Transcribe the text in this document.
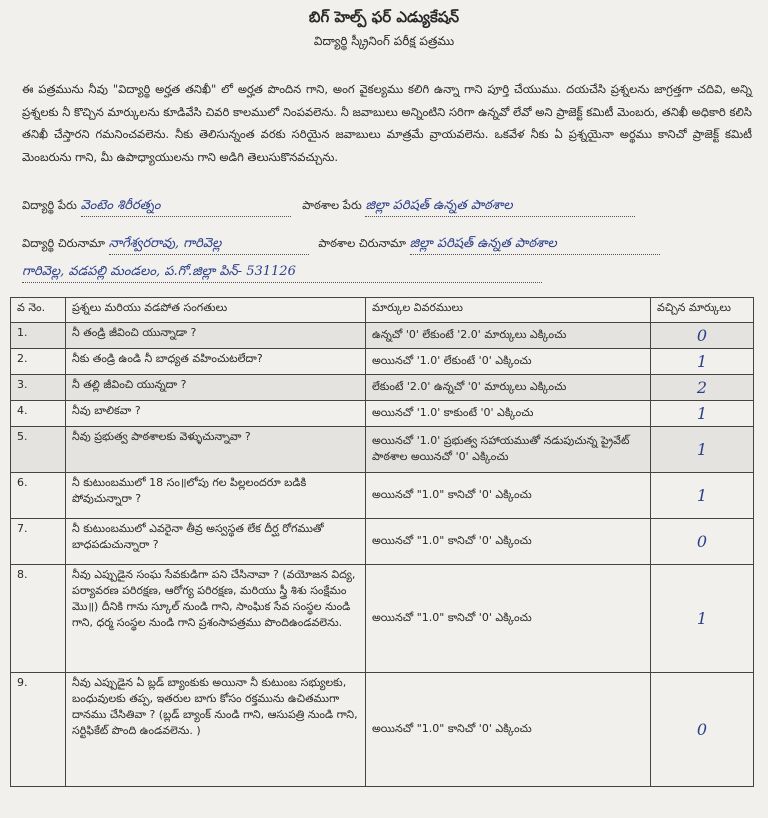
బిగ్ హెల్ప్ ఫర్ ఎడ్యుకేషన్
విద్యార్థి స్క్రీనింగ్ పరీక్ష పత్రము
ఈ పత్రమును నీవు "విద్యార్థి అర్హత తనిఖీ" లో అర్హత పొందిన గాని, అంగ వైకల్యము కలిగి ఉన్నా గాని పూర్తి చేయుము. దయచేసి ప్రశ్నలను జాగ్రత్తగా చదివి, అన్ని ప్రశ్నలకు నీ కొచ్చిన మార్కులను కూడివేసి చివరి కాలములో నింపవలెను. నీ జవాబులు అన్నింటిని సరిగా ఉన్నవో లేవో అని ప్రాజెక్ట్ కమిటీ మెంబరు, తనిఖీ అధికారి కలిసి తనిఖీ చేస్తారని గమనించవలెను. నీకు తెలిసున్నంత వరకు సరియైన జవాబులు మాత్రమే వ్రాయవలెను. ఒకవేళ నీకు ఏ ప్రశ్నయైనా అర్థము కానిచో ప్రాజెక్ట్ కమిటీ మెంబరును గాని, మీ ఉపాధ్యాయులను గాని అడిగి తెలుసుకొనవచ్చును.
విద్యార్థి పేరు వెంటెం శిరీరత్నం	పాఠశాల పేరు జిల్లా పరిషత్ ఉన్నత పాఠశాల
విద్యార్థి చిరునామా నాగేశ్వరరావు, గారివెల్ల	పాఠశాల చిరునామా జిల్లా పరిషత్ ఉన్నత పాఠశాల
గారివెల్ల, వడపల్లి మండలం, ప.గో.జిల్లా పిన్- 531126
వ నెం.	ప్రశ్నలు మరియు వడపోత సంగతులు	మార్కుల వివరములు	వచ్చిన మార్కులు
1.	నీ తండ్రి జీవించి యున్నాడా ?	ఉన్నచో '0' లేకుంటే '2.0' మార్కులు ఎక్కించు	0
2.	నీకు తండ్రి ఉండి నీ బాధ్యత వహించుటలేదా?	అయినచో '1.0' లేకుంటే '0' ఎక్కించు	1
3.	నీ తల్లి జీవించి యున్నదా ?	లేకుంటే '2.0' ఉన్నచో '0' మార్కులు ఎక్కించు	2
4.	నీవు బాలికవా ?	అయినచో '1.0' కాకుంటే '0' ఎక్కించు	1
5.	నీవు ప్రభుత్వ పాఠశాలకు వెళ్ళుచున్నావా ?	అయినచో '1.0' ప్రభుత్వ సహాయముతో నడుపుచున్న ప్రైవేట్ పాఠశాల అయినచో '0' ఎక్కించు	1
6.	నీ కుటుంబములో 18 సం॥లోపు గల పిల్లలందరూ బడికి పోవుచున్నారా ?	అయినచో "1.0" కానిచో '0' ఎక్కించు	1
7.	నీ కుటుంబములో ఎవరైనా తీవ్ర అస్వస్థత లేక దీర్ఘ రోగముతో బాధపడుచున్నారా ?	అయినచో "1.0" కానిచో '0' ఎక్కించు	0
8.	నీవు ఎప్పుడైన సంఘ సేవకుడిగా పని చేసినావా ? (వయోజన విద్య, పర్యావరణ పరిరక్షణ, ఆరోగ్య పరిరక్షణ, మరియు స్త్రీ శిశు సంక్షేమం మొ॥) దీనికి గాను స్కూల్ నుండి గాని, సాంఘిక సేవ సంస్థల నుండి గాని, ధర్మ సంస్థల నుండి గాని ప్రశంసాపత్రము పొందిఉండవలెను.	అయినచో "1.0" కానిచో '0' ఎక్కించు	1
9.	నీవు ఎప్పుడైన ఏ బ్లడ్ బ్యాంకుకు అయినా నీ కుటుంబ సభ్యులకు, బంధువులకు తప్ప, ఇతరుల బాగు కోసం రక్తమును ఉచితముగా దానము చేసితివా ? (బ్లడ్ బ్యాంక్ నుండి గాని, ఆసుపత్రి నుండి గాని, సర్టిఫికేట్ పొంది ఉండవలెను. )	అయినచో "1.0" కానిచో '0' ఎక్కించు	0
